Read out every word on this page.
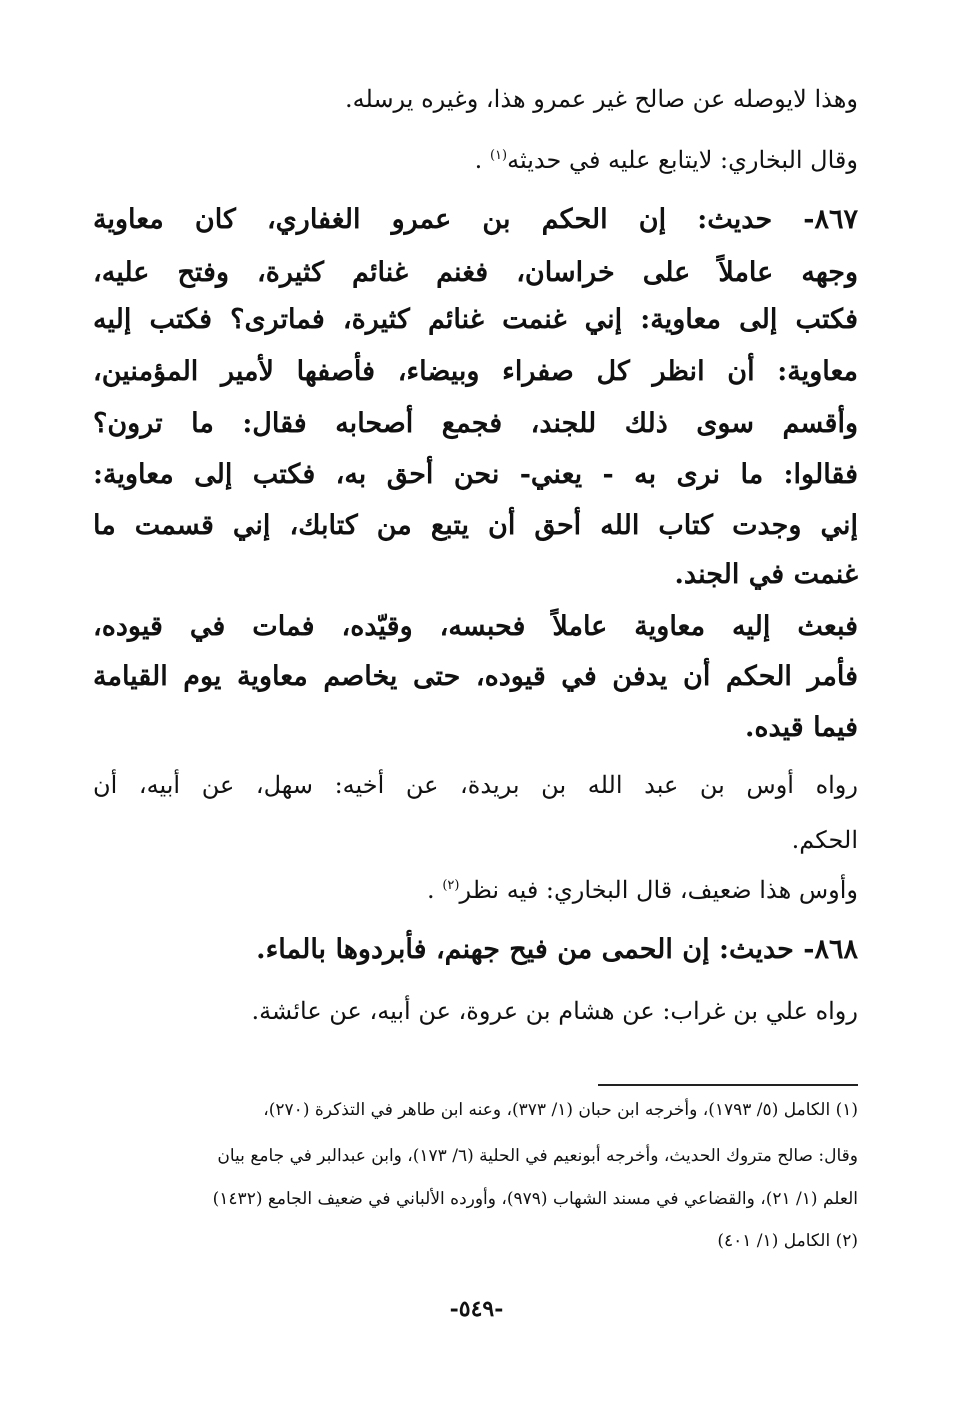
وهذا لايوصله عن صالح غير عمرو هذا، وغيره يرسله.
وقال البخاري: لايتابع عليه في حديثه$^{(١)}$ .
٨٦٧- حديث: إن الحكم بن عمرو الغفاري، كان معاوية
وجهه عاملاً على خراسان، فغنم غنائم كثيرة، وفتح عليه،
فكتب إلى معاوية: إني غنمت غنائم كثيرة، فماترى؟ فكتب إليه
معاوية: أن انظر كل صفراء وبيضاء، فأصفها لأمير المؤمنين،
وأقسم سوى ذلك للجند، فجمع أصحابه فقال: ما ترون؟
فقالوا: ما نرى به - يعني- نحن أحق به، فكتب إلى معاوية:
إني وجدت كتاب الله أحق أن يتبع من كتابك، إني قسمت ما
غنمت في الجند.
فبعث إليه معاوية عاملاً فحبسه، وقيّده، فمات في قيوده،
فأمر الحكم أن يدفن في قيوده، حتى يخاصم معاوية يوم القيامة
فيما قيده.
رواه أوس بن عبد الله بن بريدة، عن أخيه: سهل، عن أبيه، أن
الحكم.
وأوس هذا ضعيف، قال البخاري: فيه نظر$^{(٢)}$ .
٨٦٨- حديث: إن الحمى من فيح جهنم، فأبردوها بالماء.
رواه علي بن غراب: عن هشام بن عروة، عن أبيه، عن عائشة.
(١) الكامل (٥/ ١٧٩٣)، وأخرجه ابن حبان (١/ ٣٧٣)، وعنه ابن طاهر في التذكرة (٢٧٠)،
وقال: صالح متروك الحديث، وأخرجه أبونعيم في الحلية (٦/ ١٧٣)، وابن عبدالبر في جامع بيان
العلم (١/ ٢١)، والقضاعي في مسند الشهاب (٩٧٩)، وأورده الألباني في ضعيف الجامع (١٤٣٢)
(٢) الكامل (١/ ٤٠١)
-٥٤٩-
